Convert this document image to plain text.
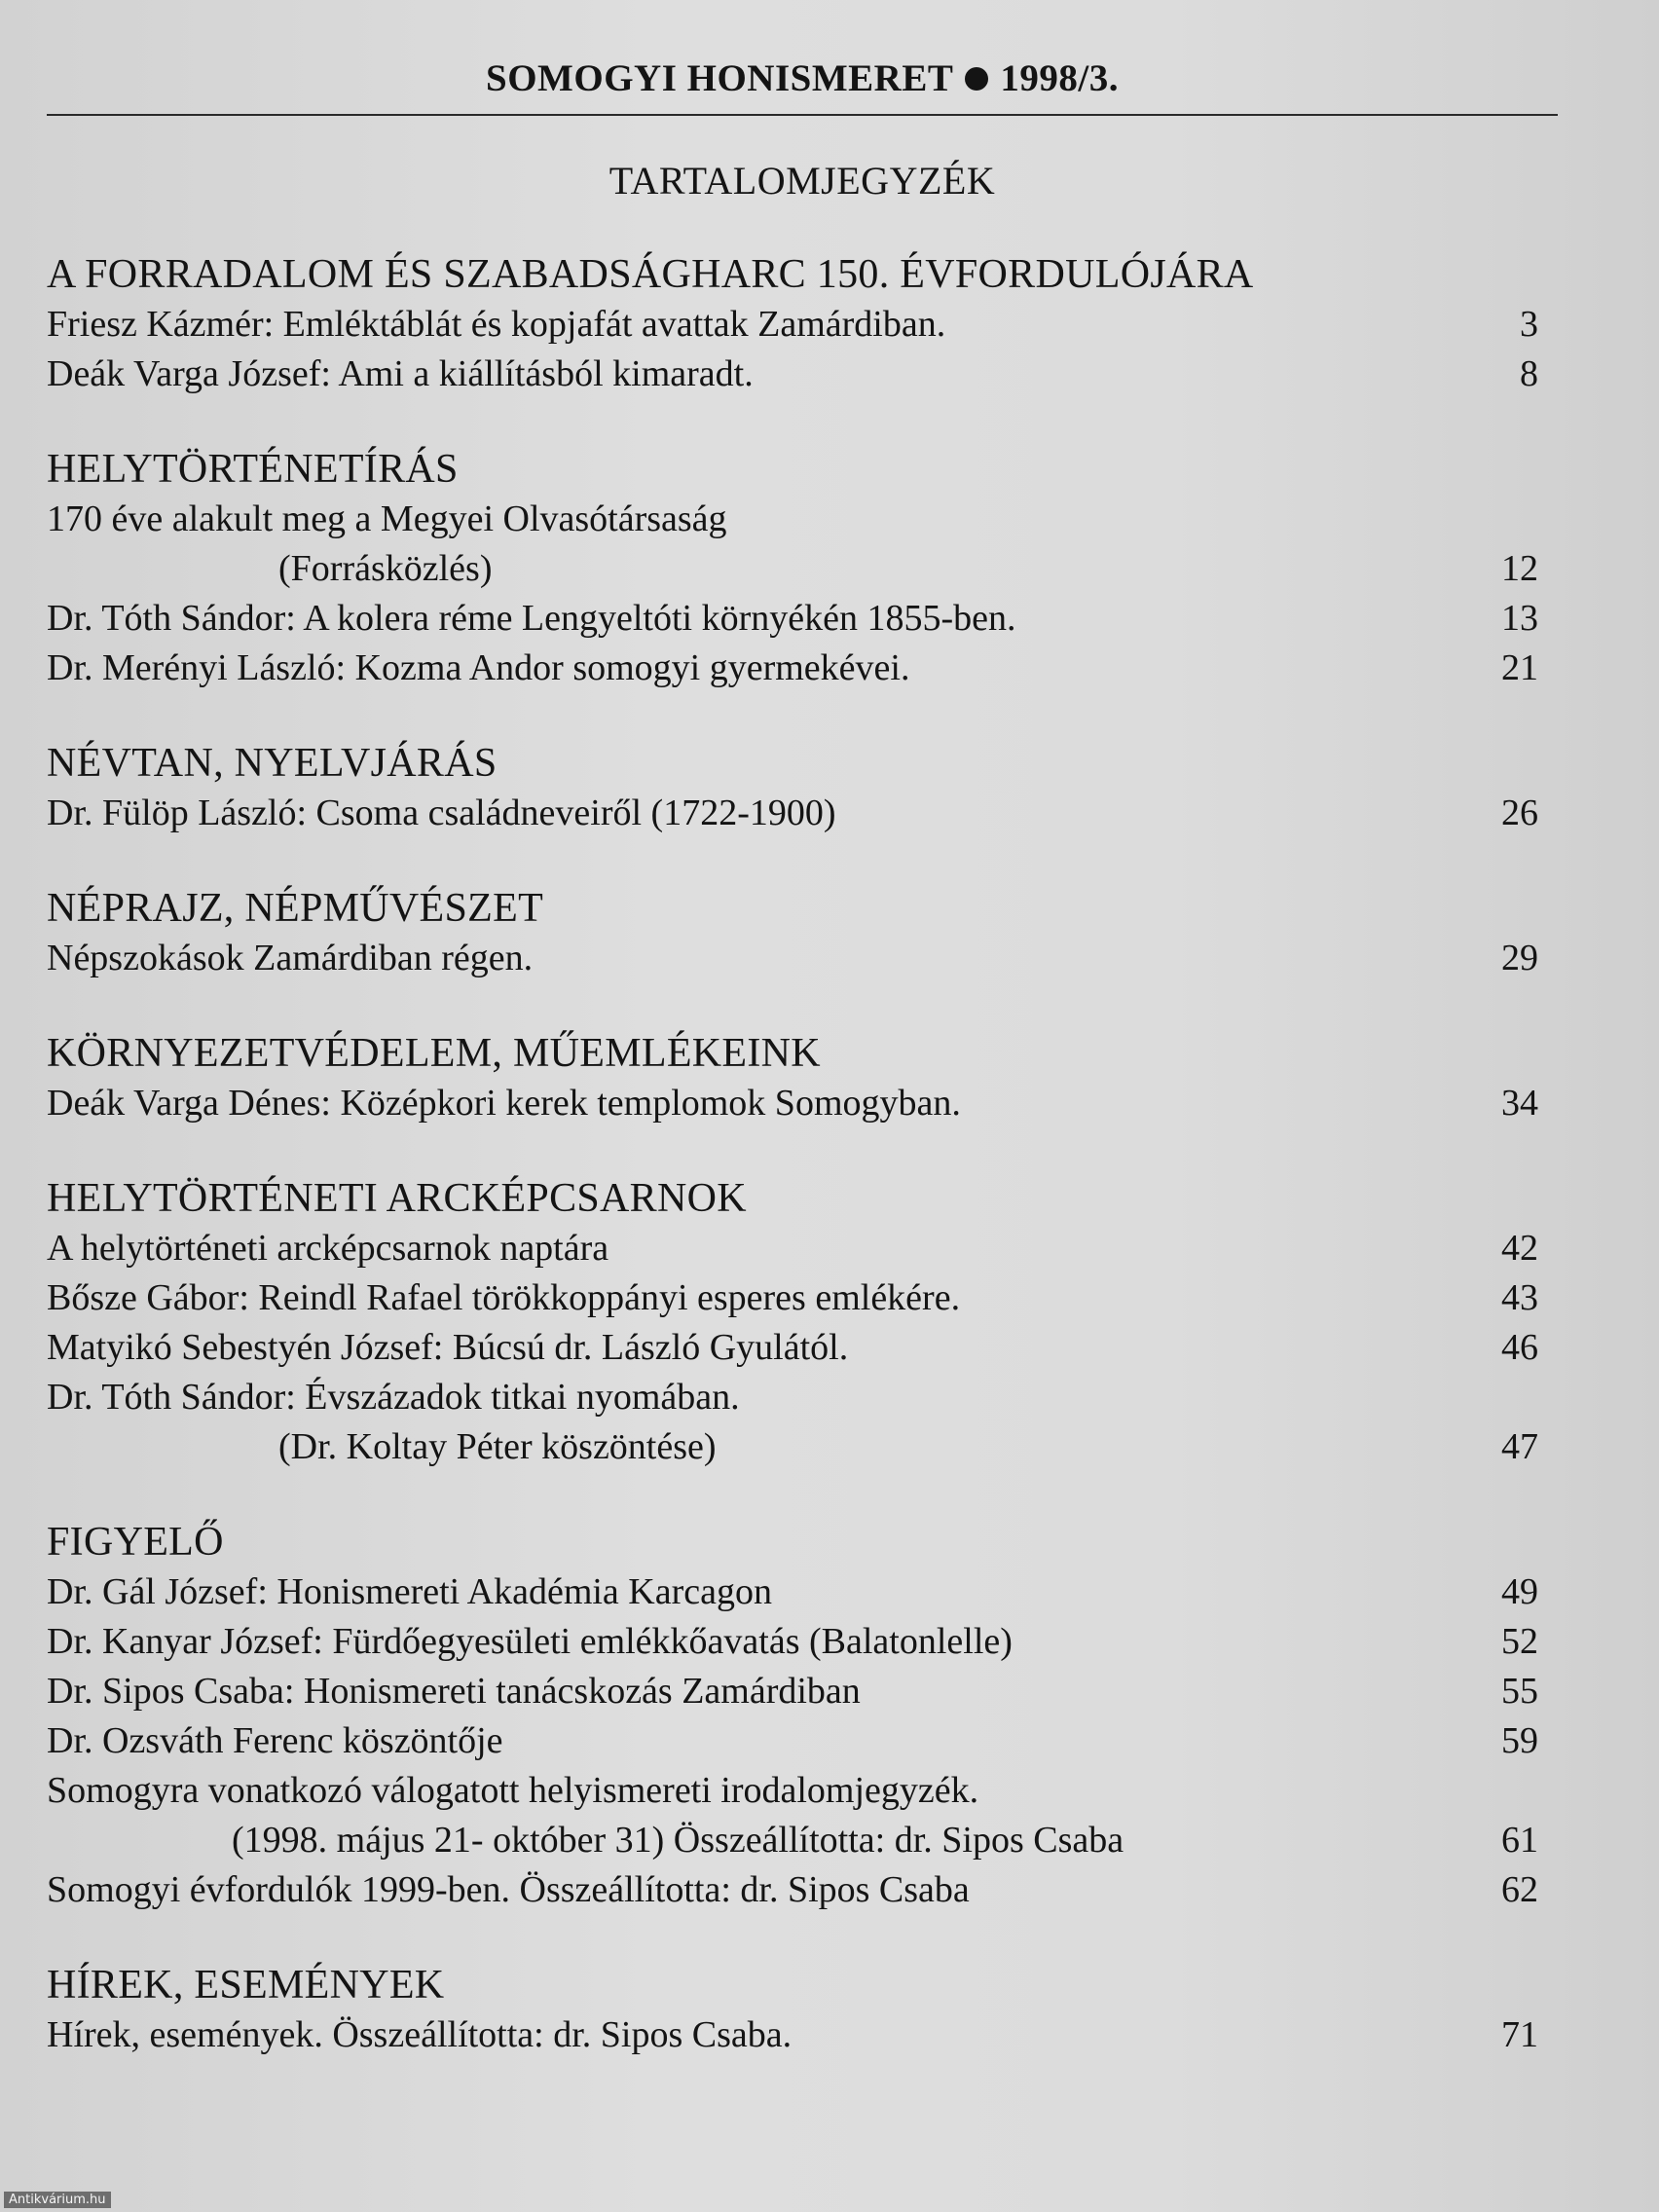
SOMOGYI HONISMERET 1998/3.
TARTALOMJEGYZÉK
A FORRADALOM ÉS SZABADSÁGHARC 150. ÉVFORDULÓJÁRA
Friesz Kázmér: Emléktáblát és kopjafát avattak Zamárdiban.	3
Deák Varga József: Ami a kiállításból kimaradt.	8
HELYTÖRTÉNETÍRÁS
170 éve alakult meg a Megyei Olvasótársaság
(Forrásközlés)	12
Dr. Tóth Sándor: A kolera réme Lengyeltóti környékén 1855-ben.	13
Dr. Merényi László: Kozma Andor somogyi gyermekévei.	21
NÉVTAN, NYELVJÁRÁS
Dr. Fülöp László: Csoma családneveiről (1722-1900)	26
NÉPRAJZ, NÉPMŰVÉSZET
Népszokások Zamárdiban régen.	29
KÖRNYEZETVÉDELEM, MŰEMLÉKEINK
Deák Varga Dénes: Középkori kerek templomok Somogyban.	34
HELYTÖRTÉNETI ARCKÉPCSARNOK
A helytörténeti arcképcsarnok naptára	42
Bősze Gábor: Reindl Rafael törökkoppányi esperes emlékére.	43
Matyikó Sebestyén József: Búcsú dr. László Gyulától.	46
Dr. Tóth Sándor: Évszázadok titkai nyomában.
(Dr. Koltay Péter köszöntése)	47
FIGYELŐ
Dr. Gál József: Honismereti Akadémia Karcagon	49
Dr. Kanyar József: Fürdőegyesületi emlékkőavatás (Balatonlelle)	52
Dr. Sipos Csaba: Honismereti tanácskozás Zamárdiban	55
Dr. Ozsváth Ferenc köszöntője	59
Somogyra vonatkozó válogatott helyismereti irodalomjegyzék.
(1998. május 21- október 31) Összeállította: dr. Sipos Csaba	61
Somogyi évfordulók 1999-ben. Összeállította: dr. Sipos Csaba	62
HÍREK, ESEMÉNYEK
Hírek, események. Összeállította: dr. Sipos Csaba.	71
Antikvárium.hu
